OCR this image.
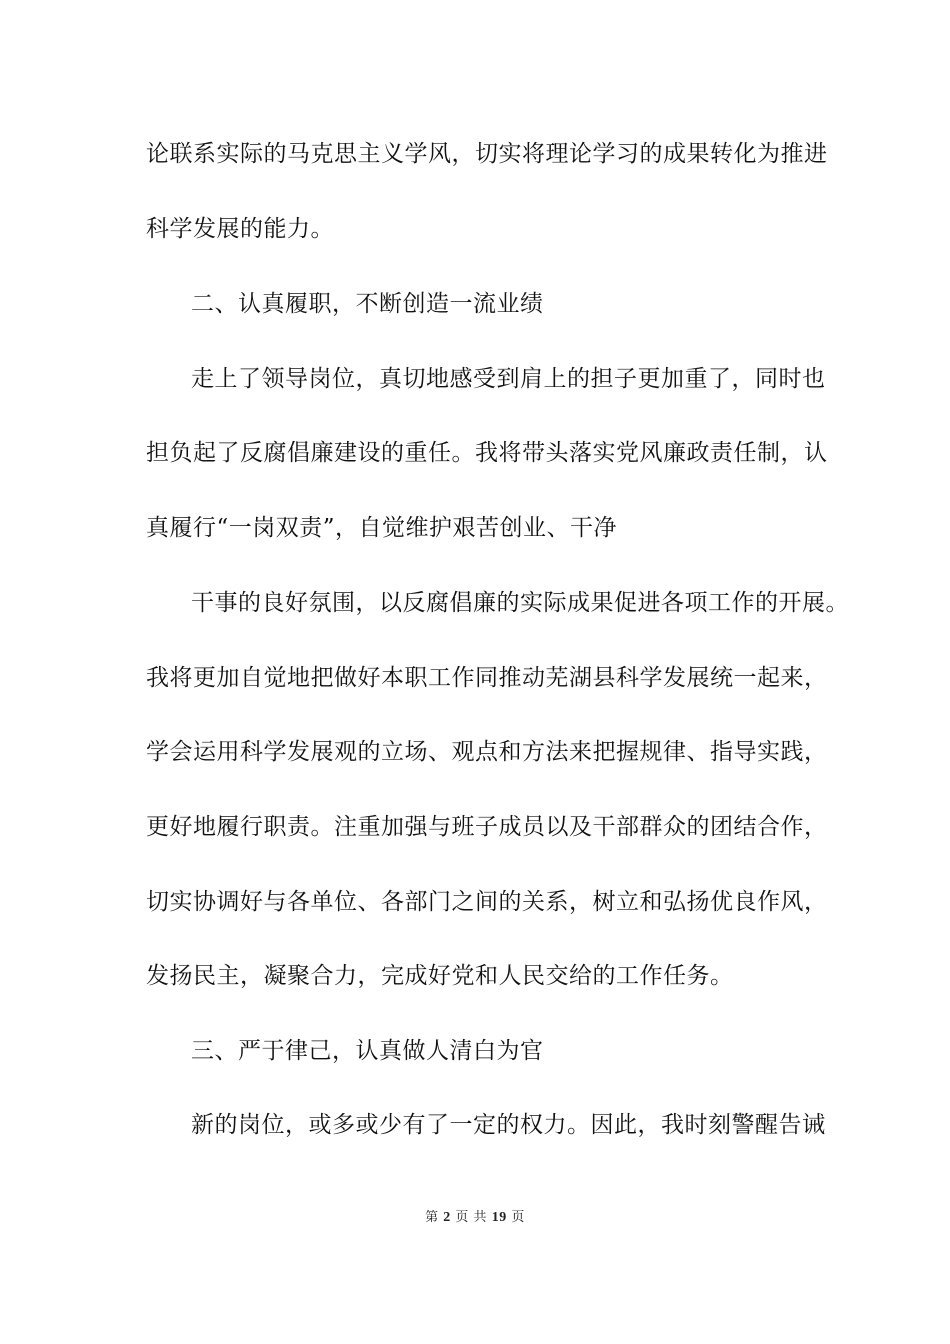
论联系实际的马克思主义学风，切实将理论学习的成果转化为推进
科学发展的能力。
二、认真履职，不断创造一流业绩
走上了领导岗位，真切地感受到肩上的担子更加重了，同时也
担负起了反腐倡廉建设的重任。我将带头落实党风廉政责任制，认
真履行“一岗双责”，自觉维护艰苦创业、干净
干事的良好氛围，以反腐倡廉的实际成果促进各项工作的开展。
我将更加自觉地把做好本职工作同推动芜湖县科学发展统一起来，
学会运用科学发展观的立场、观点和方法来把握规律、指导实践，
更好地履行职责。注重加强与班子成员以及干部群众的团结合作，
切实协调好与各单位、各部门之间的关系，树立和弘扬优良作风，
发扬民主，凝聚合力，完成好党和人民交给的工作任务。
三、严于律己，认真做人清白为官
新的岗位，或多或少有了一定的权力。因此，我时刻警醒告诫
第 2 页 共 19 页
